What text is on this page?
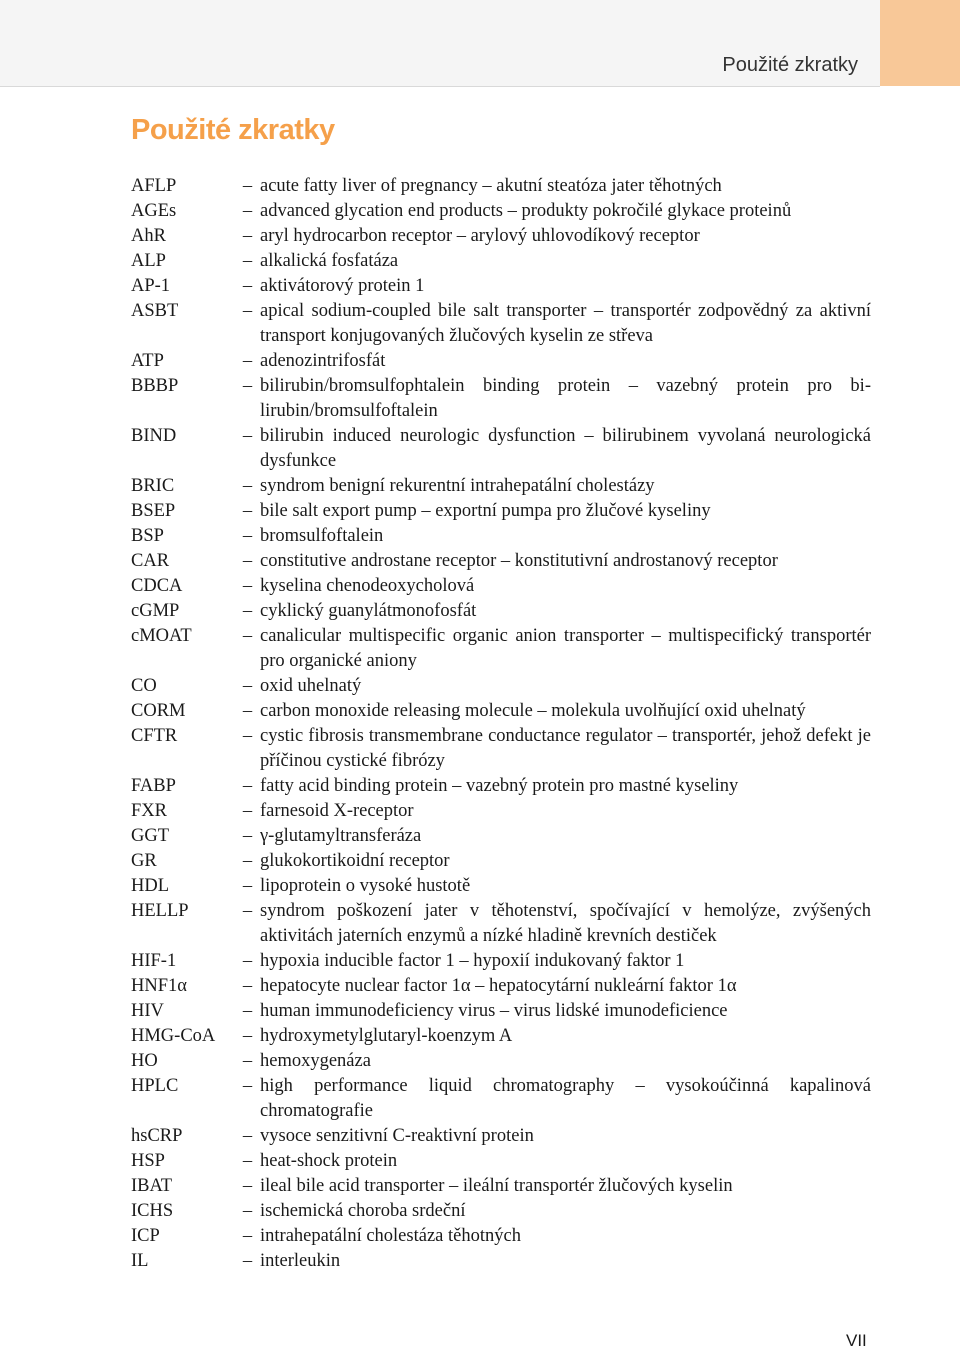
Použité zkratky
Použité zkratky
AFLP	– acute fatty liver of pregnancy – akutní steatóza jater těhotných
AGEs	– advanced glycation end products – produkty pokročilé glykace proteinů
AhR	– aryl hydrocarbon receptor – arylový uhlovodíkový receptor
ALP	– alkalická fosfatáza
AP-1	– aktivátorový protein 1
ASBT	– apical sodium-coupled bile salt transporter – transportér zodpovědný za aktivní transport konjugovaných žlučových kyselin ze střeva
ATP	– adenozintrifosfát
BBBP	– bilirubin/bromsulfophtalein binding protein – vazebný protein pro bilirubin/bromsulfoftalein
BIND	– bilirubin induced neurologic dysfunction – bilirubinem vyvolaná neurologická dysfunkce
BRIC	– syndrom benigní rekurentní intrahepatální cholestázy
BSEP	– bile salt export pump – exportní pumpa pro žlučové kyseliny
BSP	– bromsulfoftalein
CAR	– constitutive androstane receptor – konstitutivní androstanový receptor
CDCA	– kyselina chenodeoxycholová
cGMP	– cyklický guanylátmonofosfát
cMOAT	– canalicular multispecific organic anion transporter – multispecifický transportér pro organické aniony
CO	– oxid uhelnatý
CORM	– carbon monoxide releasing molecule – molekula uvolňující oxid uhelnatý
CFTR	– cystic fibrosis transmembrane conductance regulator – transportér, jehož defekt je příčinou cystické fibrózy
FABP	– fatty acid binding protein – vazebný protein pro mastné kyseliny
FXR	– farnesoid X-receptor
GGT	– γ-glutamyltransferáza
GR	– glukokortikoidní receptor
HDL	– lipoprotein o vysoké hustotě
HELLP	– syndrom poškození jater v těhotenství, spočívající v hemolýze, zvýšených aktivitách jaterních enzymů a nízké hladině krevních destiček
HIF-1	– hypoxia inducible factor 1 – hypoxií indukovaný faktor 1
HNF1α	– hepatocyte nuclear factor 1α – hepatocytární nukleární faktor 1α
HIV	– human immunodeficiency virus – virus lidské imunodeficience
HMG-CoA	– hydroxymetylglutaryl-koenzym A
HO	– hemoxygenáza
HPLC	– high performance liquid chromatography – vysokoúčinná kapalinová chromatografie
hsCRP	– vysoce senzitivní C-reaktivní protein
HSP	– heat-shock protein
IBAT	– ileal bile acid transporter – ileální transportér žlučových kyselin
ICHS	– ischemická choroba srdeční
ICP	– intrahepatální cholestáza těhotných
IL	– interleukin
VII
